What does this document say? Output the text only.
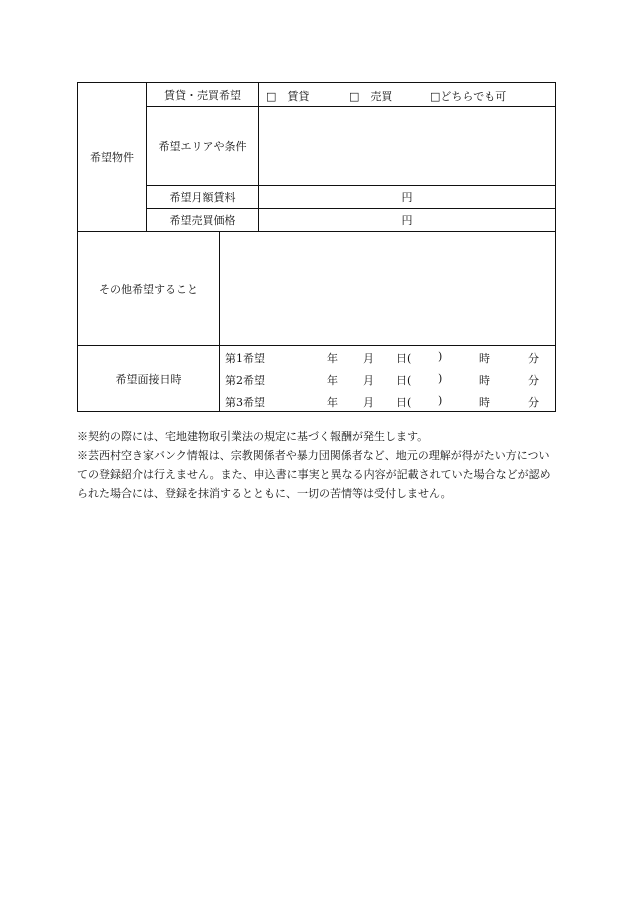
希望物件
賃貸・売買希望	□　賃貸	□　売買	□どちらでも可
希望エリアや条件
希望月額賃料	円
希望売買価格	円
その他希望すること
希望面接日時
第1希望	年 月 日( )	時	分
第2希望	年 月 日( )	時	分
第3希望	年 月 日( )	時	分

※契約の際には、宅地建物取引業法の規定に基づく報酬が発生します。

※芸西村空き家バンク情報は、宗教関係者や暴力団関係者など、地元の理解が得がたい方についての登録紹介は行えません。また、申込書に事実と異なる内容が記載されていた場合などが認められた場合には、登録を抹消するとともに、一切の苦情等は受付しません。
